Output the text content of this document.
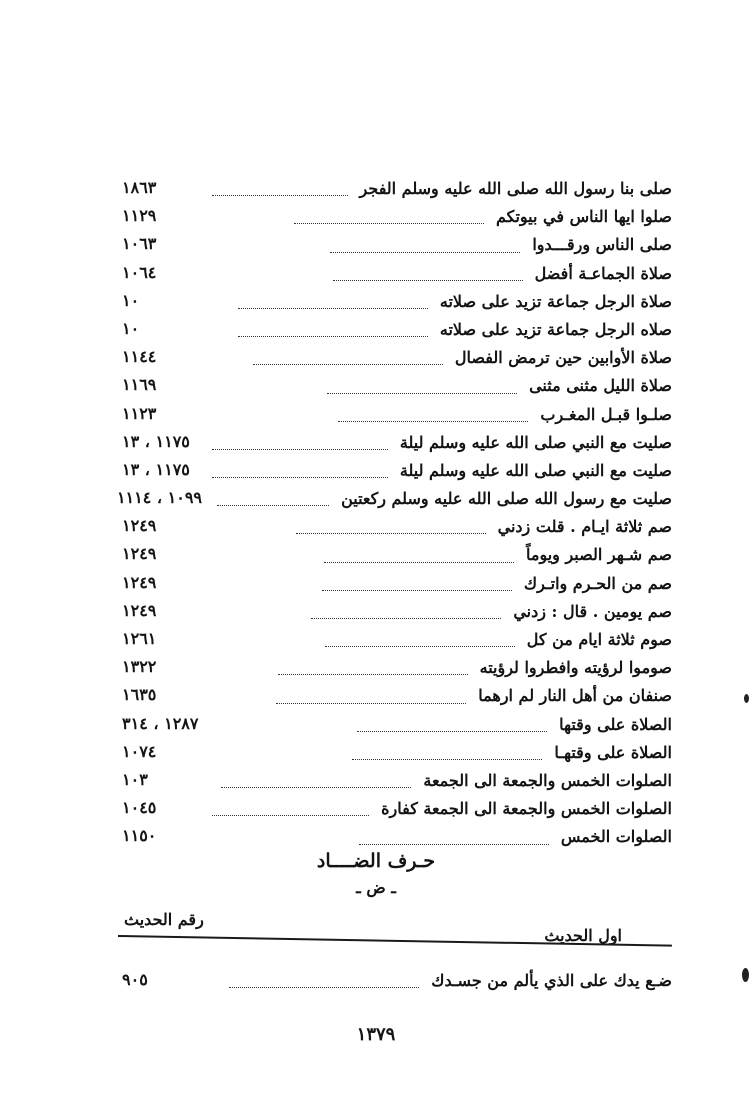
صلى بنا رسول الله صلى الله عليه وسلم الفجر
١٨٦٣
صلوا ايها الناس في بيوتكم
١١٢٩
صلى الناس ورقـــدوا
١٠٦٣
صلاة الجماعـة أفضل
١٠٦٤
صلاة الرجل جماعة تزيد على صلاته
١٠
صلاه الرجل جماعة تزيد على صلاته
١٠
صلاة الأوابين حين ترمض الفصال
١١٤٤
صلاة الليل مثنى مثنى
١١٦٩
صلـوا قبـل المغـرب
١١٢٣
صليت مع النبي صلى الله عليه وسلم ليلة
١١٧٥ ، ١٣
صليت مع النبي صلى الله عليه وسلم ليلة
١١٧٥ ، ١٣
صليت مع رسول الله صلى الله عليه وسلم ركعتين
١٠٩٩ ، ١١١٤
صم ثلاثة ايـام . قلت زدني
١٢٤٩
صم شـهر الصبر ويوماً
١٢٤٩
صم من الحـرم واتـرك
١٢٤٩
صم يومين . قال : زدني
١٢٤٩
صوم ثلاثة ايام من كل
١٢٦١
صوموا لرؤيته وافطروا لرؤيته
١٣٢٢
صنفان من أهل النار لم ارهما
١٦٣٥
الصلاة على وقتها
١٢٨٧ ، ٣١٤
الصلاة على وقتهـا
١٠٧٤
الصلوات الخمس والجمعة الى الجمعة
١٠٣
الصلوات الخمس والجمعة الى الجمعة كفارة
١٠٤٥
الصلوات الخمس
١١٥٠
حـرف الضــــاد
ـ ض ـ
رقم الحديث
اول الحديث
ضـع يدك على الذي يألم من جسـدك
٩٠٥
١٣٧٩
